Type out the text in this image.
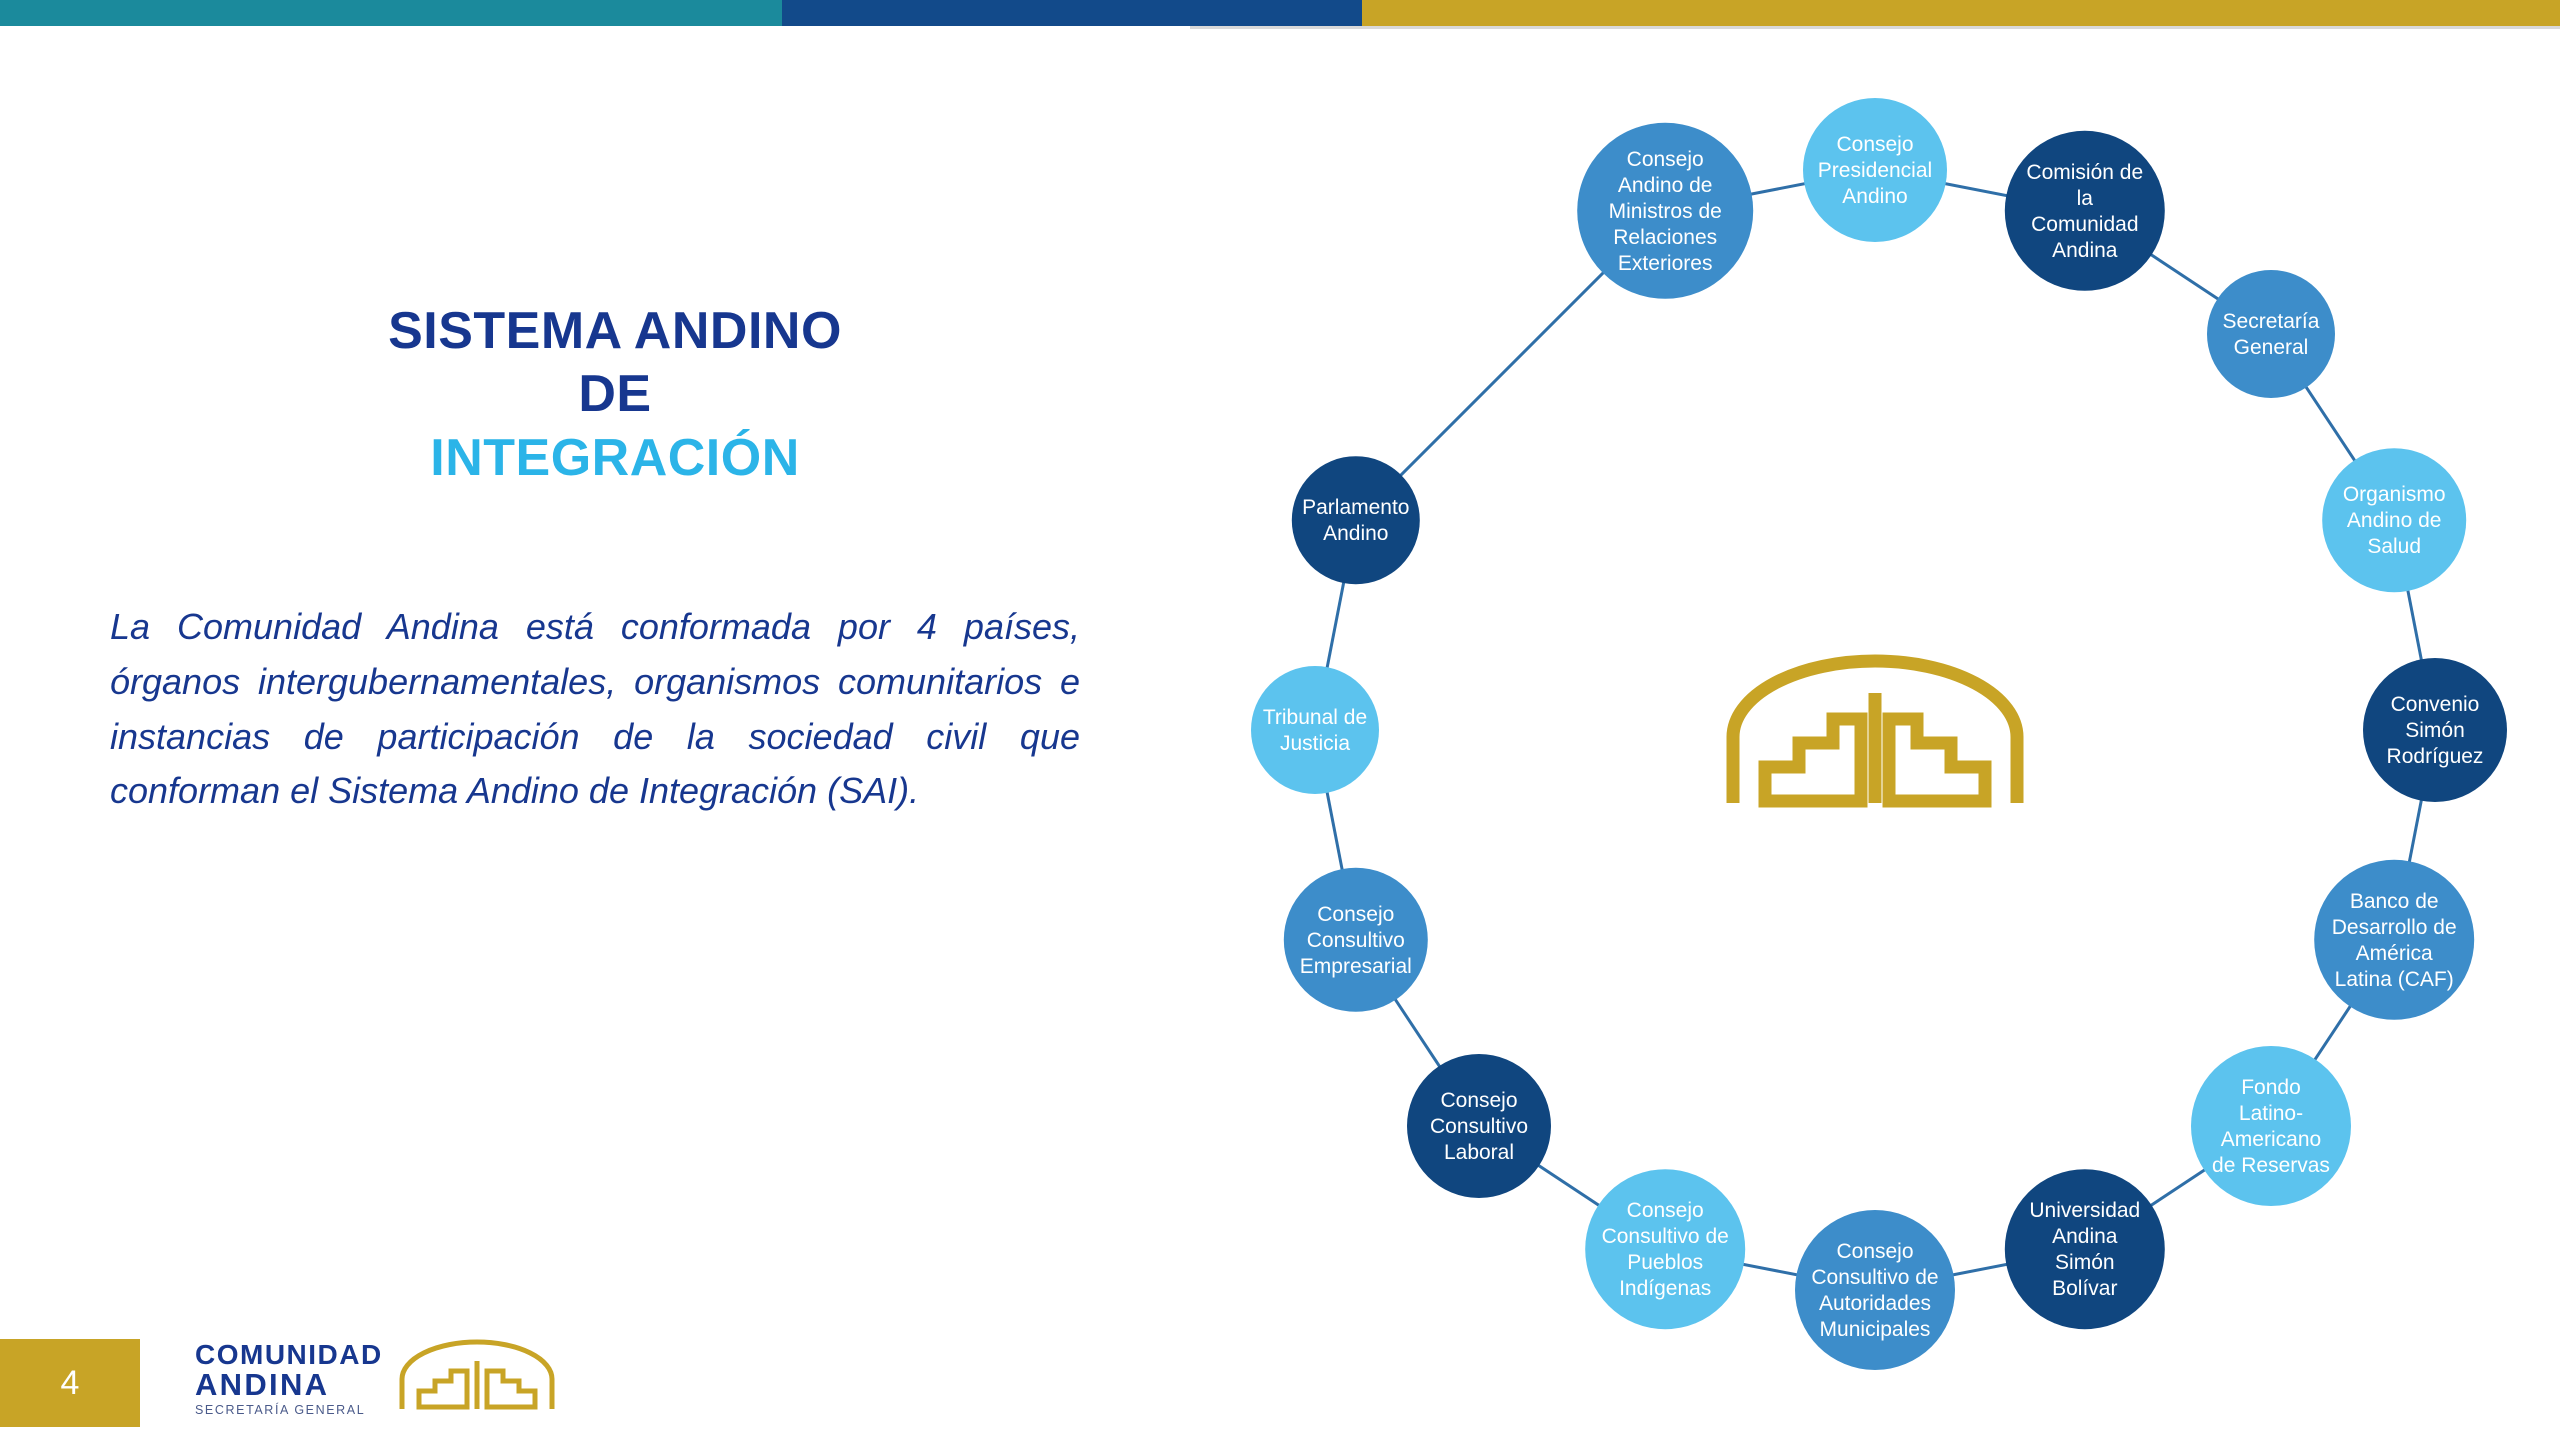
SISTEMA ANDINO
DE
INTEGRACIÓN

La Comunidad Andina está conformada por 4 países, órganos intergubernamentales, organismos comunitarios e instancias de participación de la sociedad civil que conforman el Sistema Andino de Integración (SAI).

4
COMUNIDAD
ANDINA
SECRETARÍA GENERAL
Consejo Presidencial Andino
Comisión de la Comunidad Andina
Secretaría General
Organismo Andino de Salud
Convenio Simón Rodríguez
Banco de Desarrollo de América Latina (CAF)
Fondo Latino-Americano de Reservas
Universidad Andina Simón Bolívar
Consejo Consultivo de Autoridades Municipales
Consejo Consultivo de Pueblos Indígenas
Consejo Consultivo Laboral
Consejo Consultivo Empresarial
Tribunal de Justicia
Parlamento Andino
Consejo Andino de Ministros de Relaciones Exteriores
